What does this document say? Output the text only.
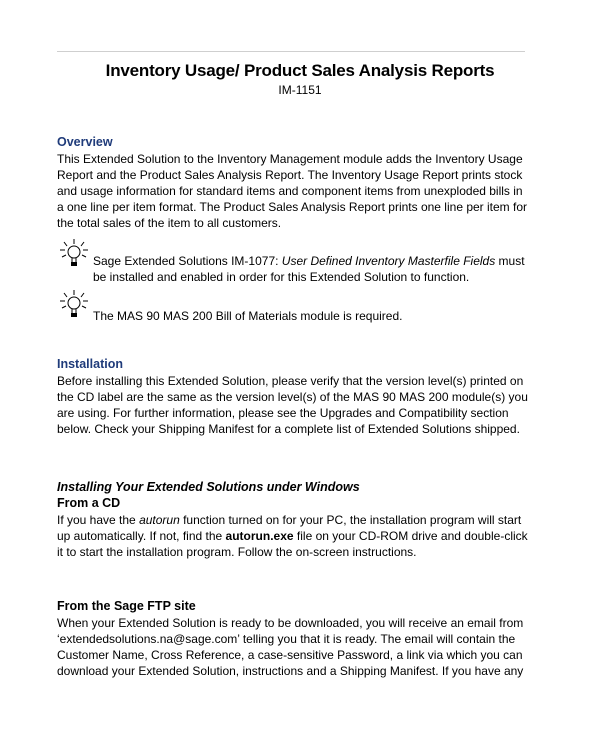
Inventory Usage/ Product Sales Analysis Reports
IM-1151
Overview
This Extended Solution to the Inventory Management module adds the Inventory Usage Report and the Product Sales Analysis Report. The Inventory Usage Report prints stock and usage information for standard items and component items from unexploded bills in a one line per item format. The Product Sales Analysis Report prints one line per item for the total sales of the item to all customers.
Sage Extended Solutions IM-1077: User Defined Inventory Masterfile Fields must be installed and enabled in order for this Extended Solution to function.
The MAS 90 MAS 200 Bill of Materials module is required.
Installation
Before installing this Extended Solution, please verify that the version level(s) printed on the CD label are the same as the version level(s) of the MAS 90 MAS 200 module(s) you are using. For further information, please see the Upgrades and Compatibility section below. Check your Shipping Manifest for a complete list of Extended Solutions shipped.
Installing Your Extended Solutions under Windows
From a CD
If you have the autorun function turned on for your PC, the installation program will start up automatically. If not, find the autorun.exe file on your CD-ROM drive and double-click it to start the installation program. Follow the on-screen instructions.
From the Sage FTP site
When your Extended Solution is ready to be downloaded, you will receive an email from ‘extendedsolutions.na@sage.com’ telling you that it is ready. The email will contain the Customer Name, Cross Reference, a case-sensitive Password, a link via which you can download your Extended Solution, instructions and a Shipping Manifest. If you have any
